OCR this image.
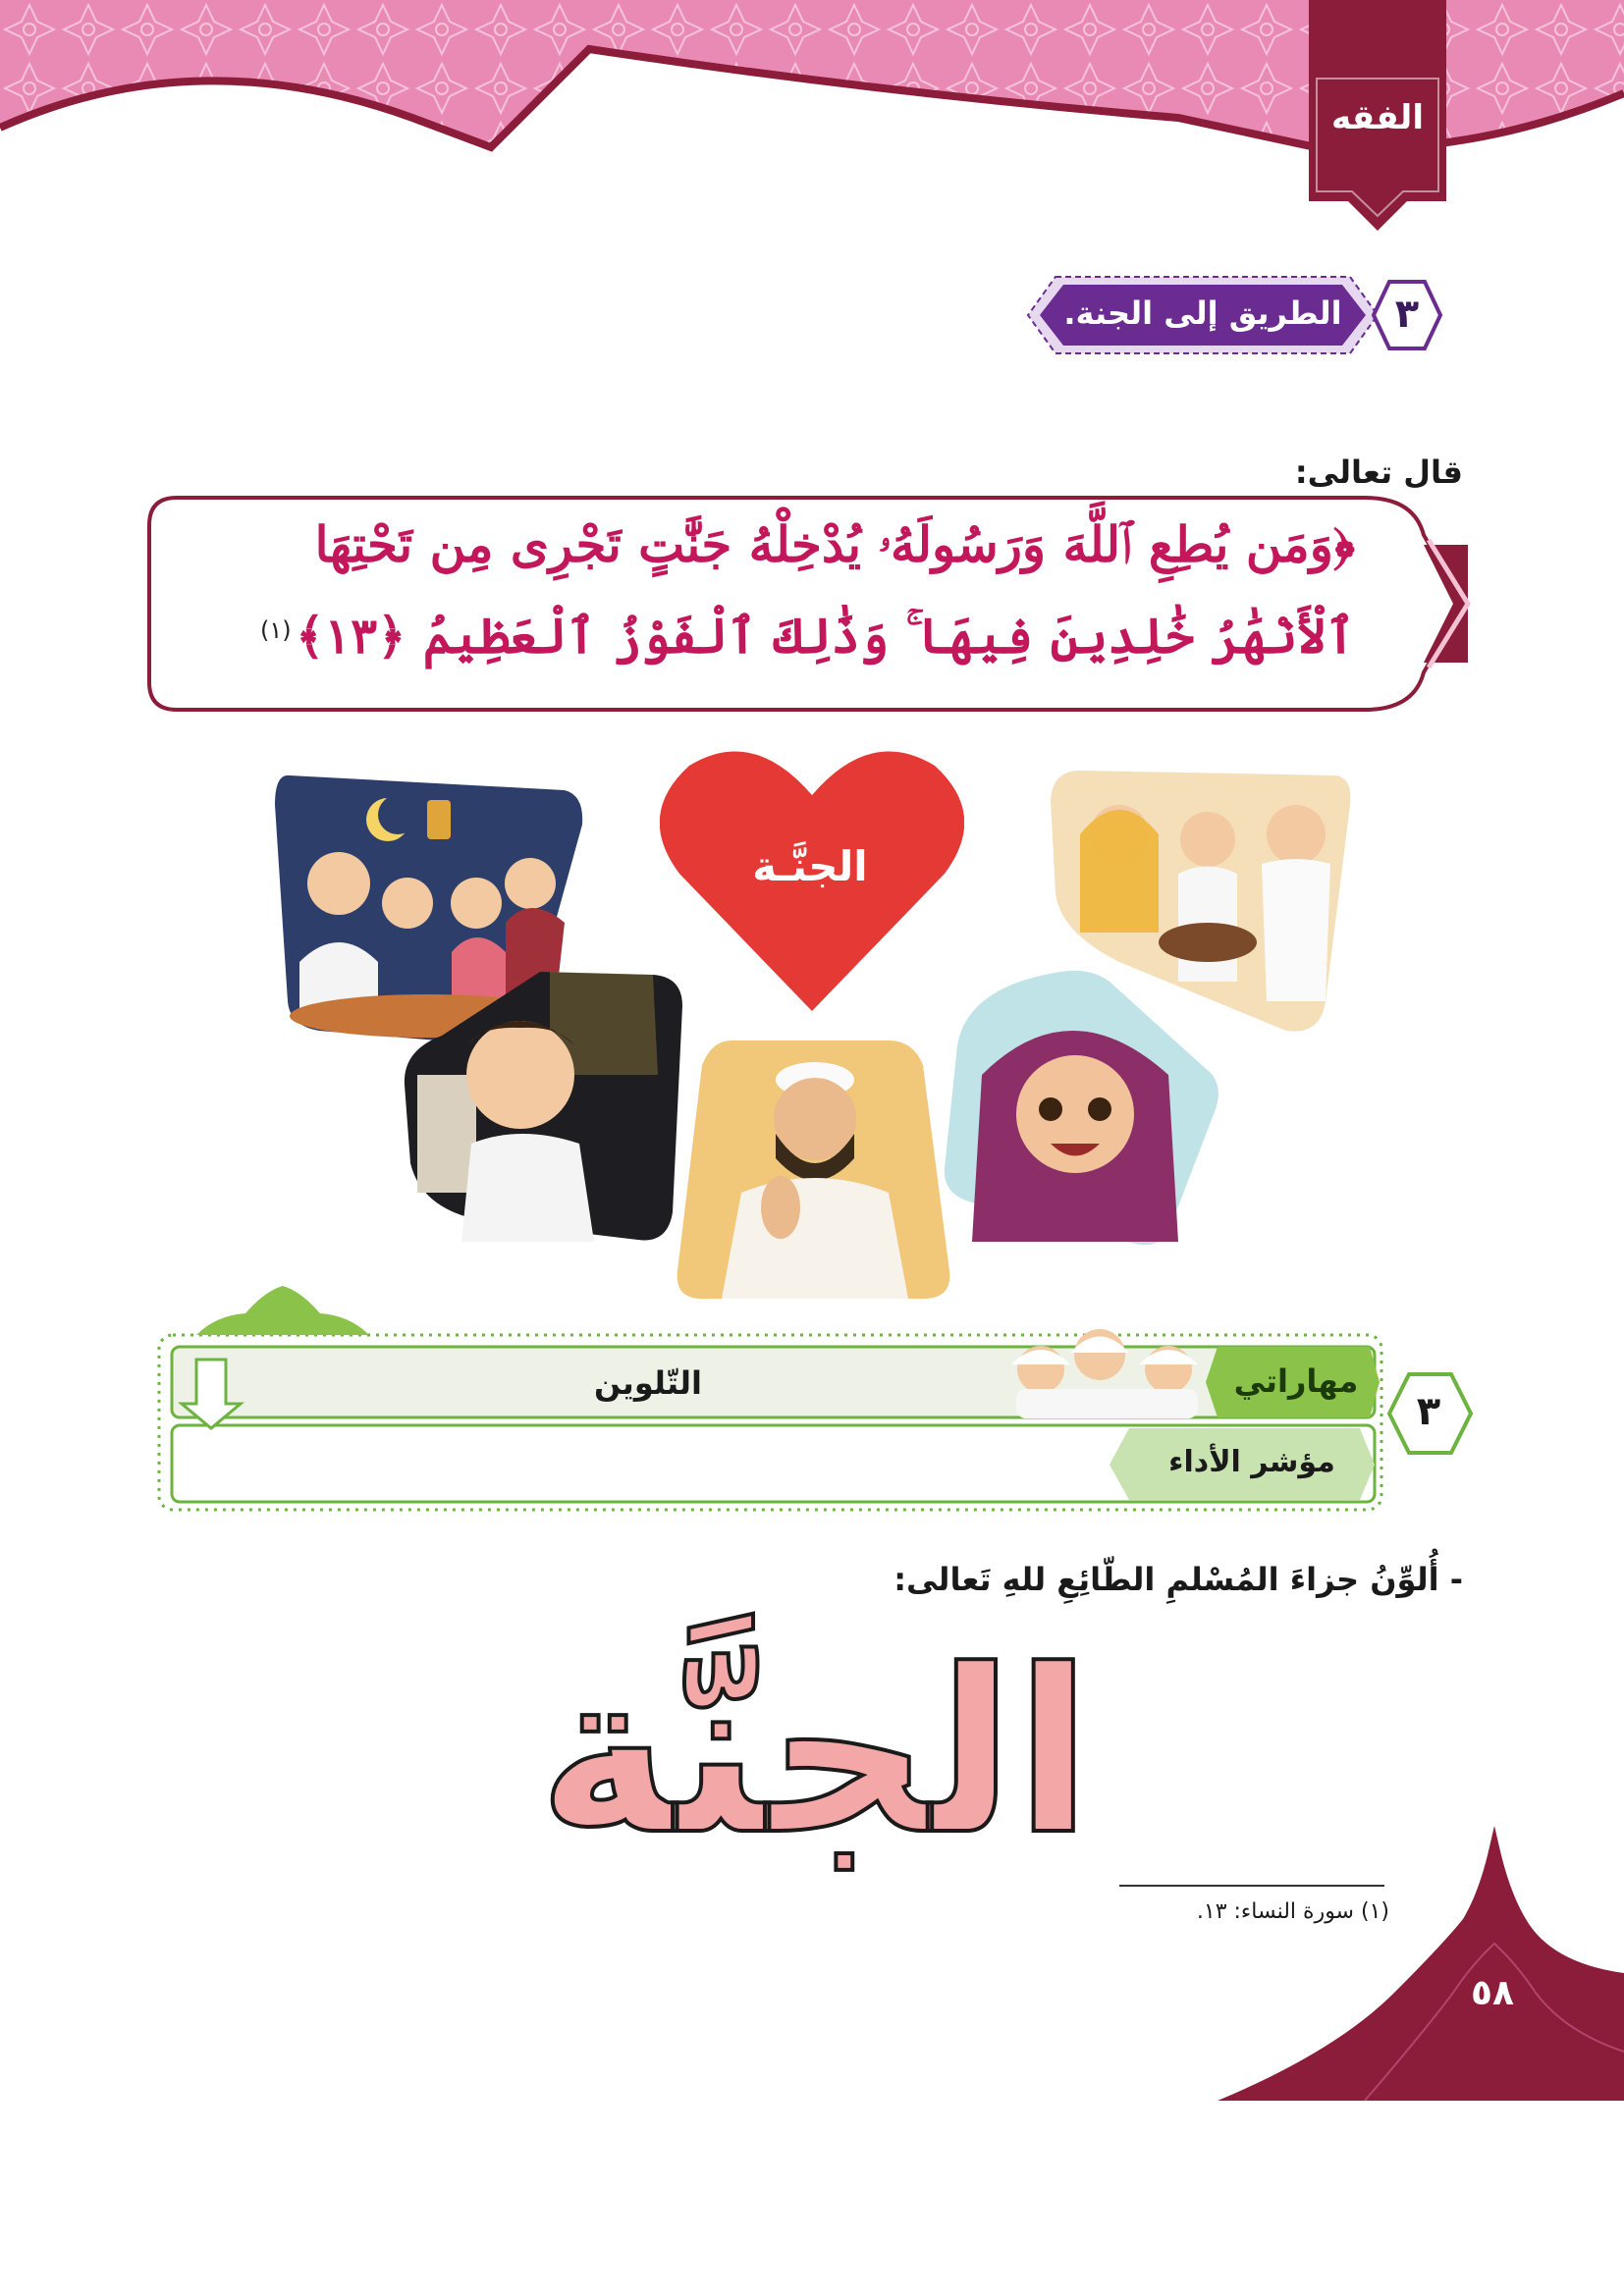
الفقه
الطريق إلى الجنة.	٣
قال تعالى:
﴿وَمَن يُطِعِ ٱللَّهَ وَرَسُولَهُۥ يُدْخِلْهُ جَنَّٰتٍ تَجْرِى مِن تَحْتِهَا
ٱلْأَنْهَٰرُ خَٰلِدِينَ فِيهَا ۚ وَذَٰلِكَ ٱلْفَوْزُ ٱلْعَظِيمُ ﴿١٣﴾
(١)
الجنَّـة
مهاراتي
التّلوين
مؤشر الأداء
٣
- أُلوِّنُ جزاءَ المُسْلمِ الطّائِعِ للهِ تَعالى:
الجنَّة
(١) سورة النساء: ١٣.
٥٨
